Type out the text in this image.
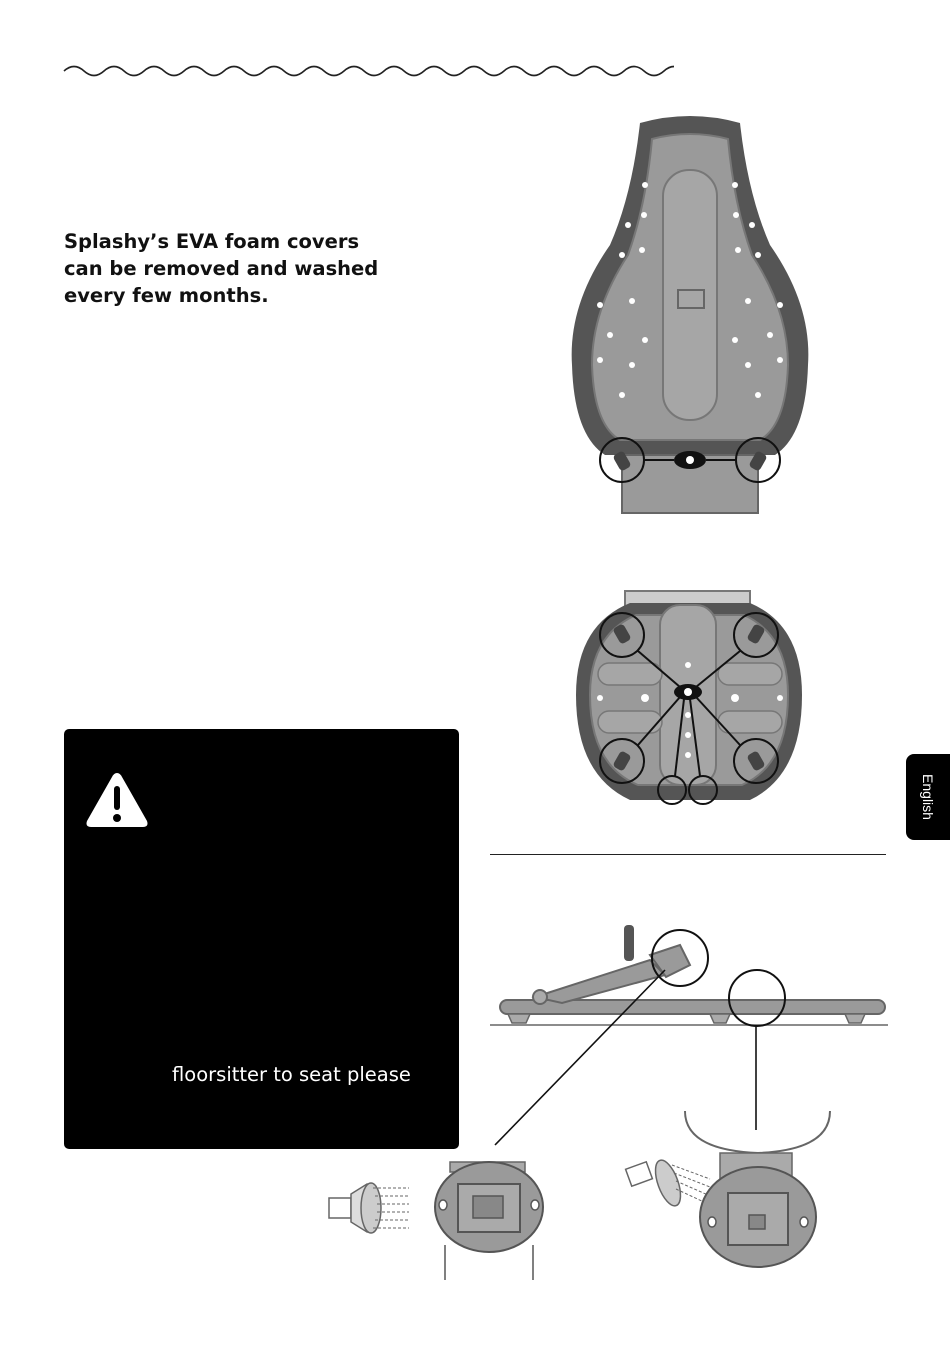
Splashy’s EVA foam covers can be removed and washed every few months.

floorsitter to seat please

English
